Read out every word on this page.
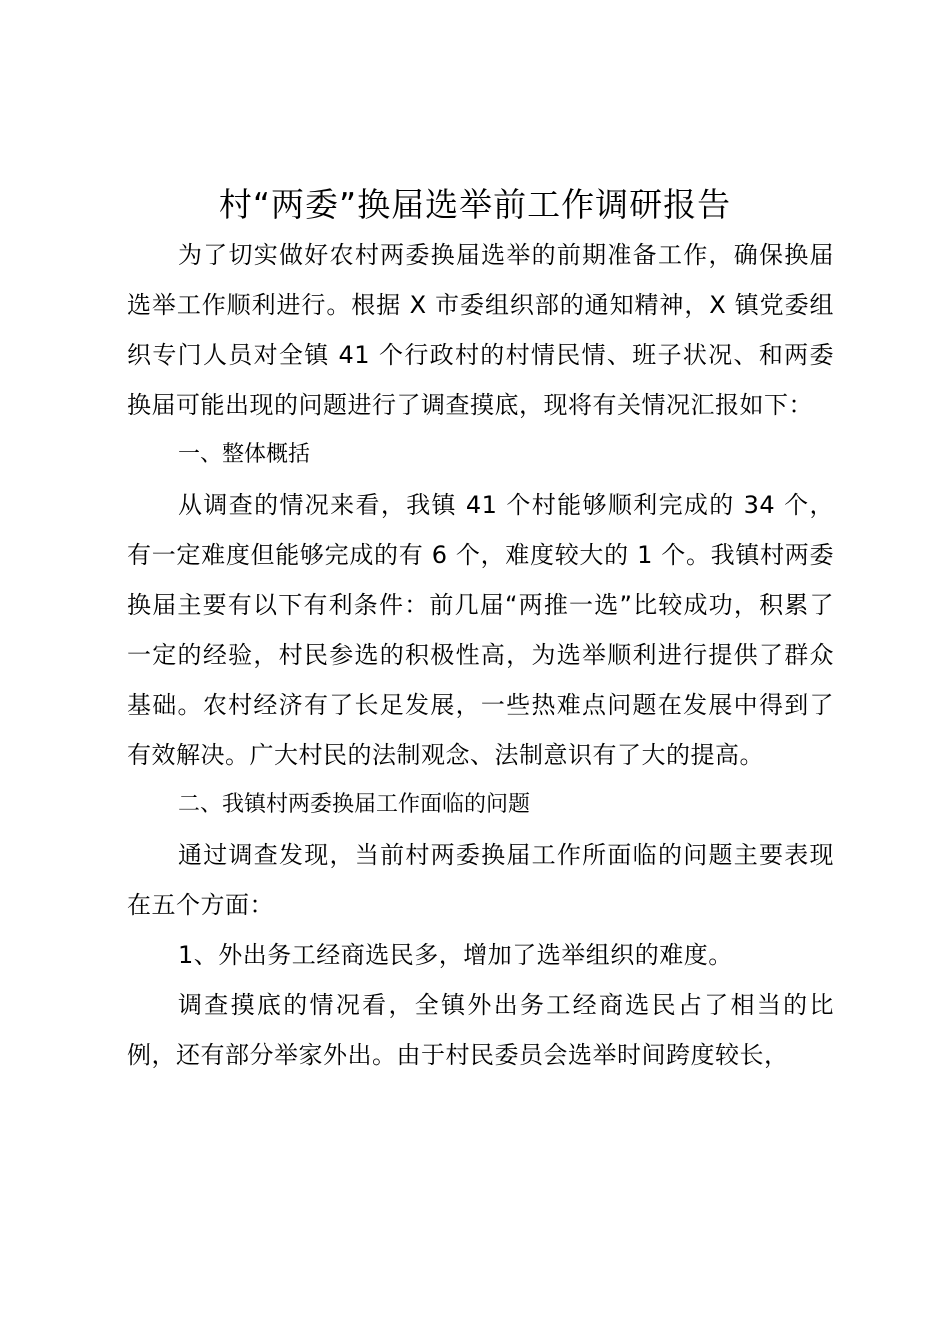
村“两委”换届选举前工作调研报告

为了切实做好农村两委换届选举的前期准备工作，确保换届选举工作顺利进行。根据 X 市委组织部的通知精神，X 镇党委组织专门人员对全镇 41 个行政村的村情民情、班子状况、和两委换届可能出现的问题进行了调查摸底，现将有关情况汇报如下：

一、整体概括

从调查的情况来看，我镇 41 个村能够顺利完成的 34 个，有一定难度但能够完成的有 6 个，难度较大的 1 个。我镇村两委换届主要有以下有利条件：前几届“两推一选”比较成功，积累了一定的经验，村民参选的积极性高，为选举顺利进行提供了群众基础。农村经济有了长足发展，一些热难点问题在发展中得到了有效解决。广大村民的法制观念、法制意识有了大的提高。

二、我镇村两委换届工作面临的问题

通过调查发现，当前村两委换届工作所面临的问题主要表现在五个方面：

1、外出务工经商选民多，增加了选举组织的难度。

调查摸底的情况看，全镇外出务工经商选民占了相当的比例，还有部分举家外出。由于村民委员会选举时间跨度较长，
